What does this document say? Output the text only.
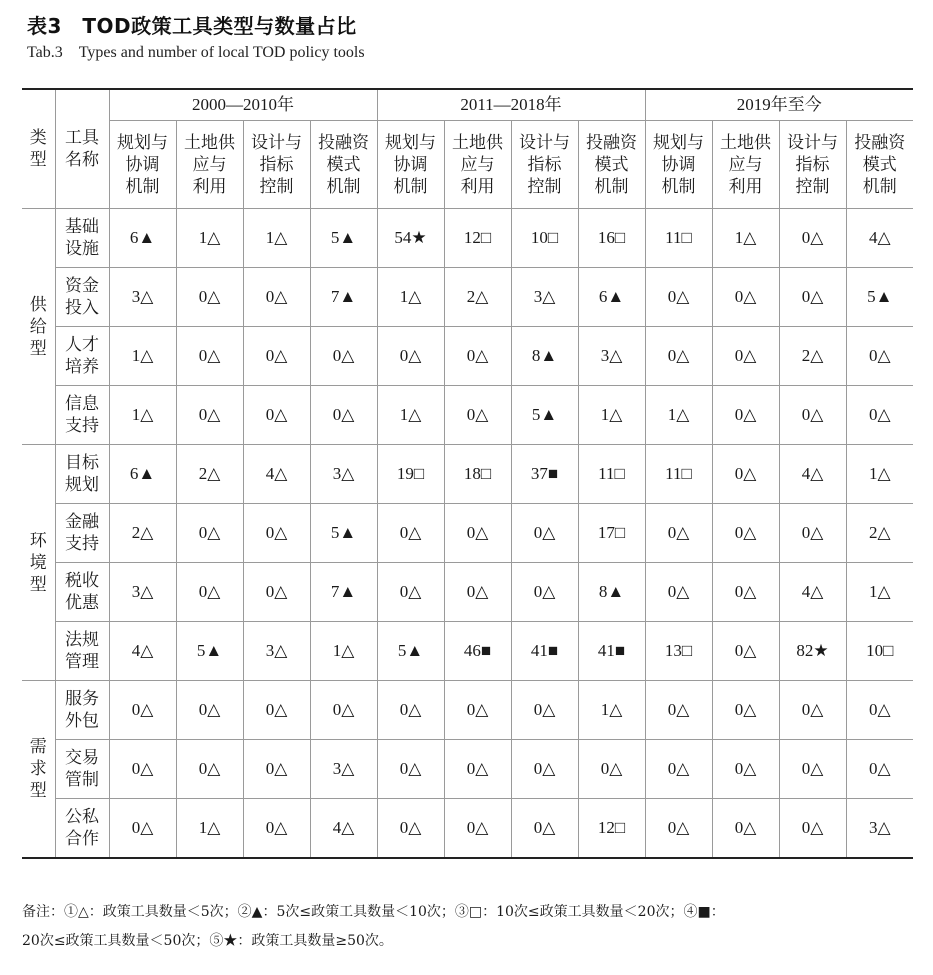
表3　TOD政策工具类型与数量占比
Tab.3　Types and number of local TOD policy tools
类
型	工具
名称	2000—2010年				2011—2018年				2019年至今			
		规划与
协调
机制	土地供
应与
利用	设计与
指标
控制	投融资
模式
机制	规划与
协调
机制	土地供
应与
利用	设计与
指标
控制	投融资
模式
机制	规划与
协调
机制	土地供
应与
利用	设计与
指标
控制	投融资
模式
机制
供
给
型	基础
设施	6▲	1△	1△	5▲	54★	12□	10□	16□	11□	1△	0△	4△
	资金
投入	3△	0△	0△	7▲	1△	2△	3△	6▲	0△	0△	0△	5▲
	人才
培养	1△	0△	0△	0△	0△	0△	8▲	3△	0△	0△	2△	0△
	信息
支持	1△	0△	0△	0△	1△	0△	5▲	1△	1△	0△	0△	0△
环
境
型	目标
规划	6▲	2△	4△	3△	19□	18□	37■	11□	11□	0△	4△	1△
	金融
支持	2△	0△	0△	5▲	0△	0△	0△	17□	0△	0△	0△	2△
	税收
优惠	3△	0△	0△	7▲	0△	0△	0△	8▲	0△	0△	4△	1△
	法规
管理	4△	5▲	3△	1△	5▲	46■	41■	41■	13□	0△	82★	10□
需
求
型	服务
外包	0△	0△	0△	0△	0△	0△	0△	1△	0△	0△	0△	0△
	交易
管制	0△	0△	0△	3△	0△	0△	0△	0△	0△	0△	0△	0△
	公私
合作	0△	1△	0△	4△	0△	0△	0△	12□	0△	0△	0△	3△
备注：①△：政策工具数量＜5次；②▲：5次≤政策工具数量＜10次；③□：10次≤政策工具数量＜20次；④■：
20次≤政策工具数量＜50次；⑤★：政策工具数量≥50次。
